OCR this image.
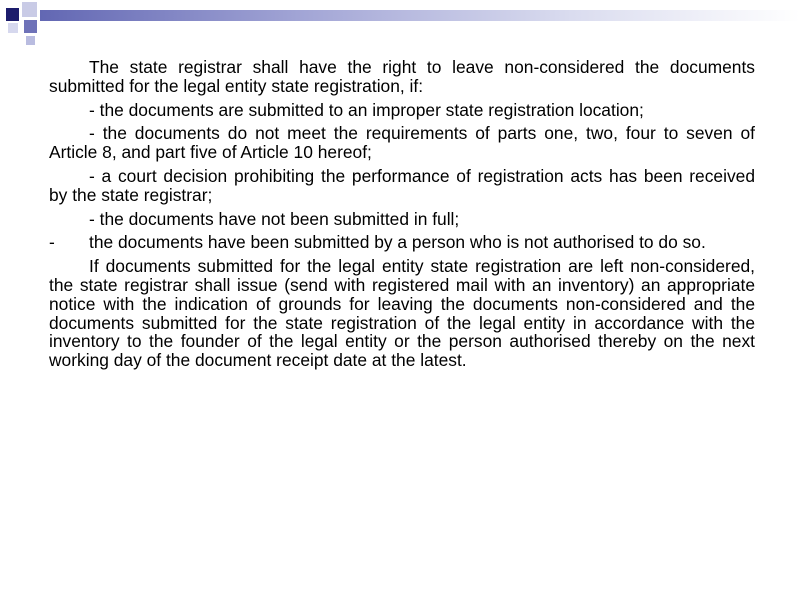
The state registrar shall have the right to leave non-considered the documents submitted for the legal entity state registration, if:

- the documents are submitted to an improper state registration location;

- the documents do not meet the requirements of parts one, two, four to seven of Article 8, and part five of Article 10 hereof;

- a court decision prohibiting the performance of registration acts has been received by the state registrar;

- the documents have not been submitted in full;

-	the documents have been submitted by a person who is not authorised to do so.

If documents submitted for the legal entity state registration are left non-considered, the state registrar shall issue (send with registered mail with an inventory) an appropriate notice with the indication of grounds for leaving the documents non-considered and the documents submitted for the state registration of the legal entity in accordance with the inventory to the founder of the legal entity or the person authorised thereby on the next working day of the document receipt date at the latest.
